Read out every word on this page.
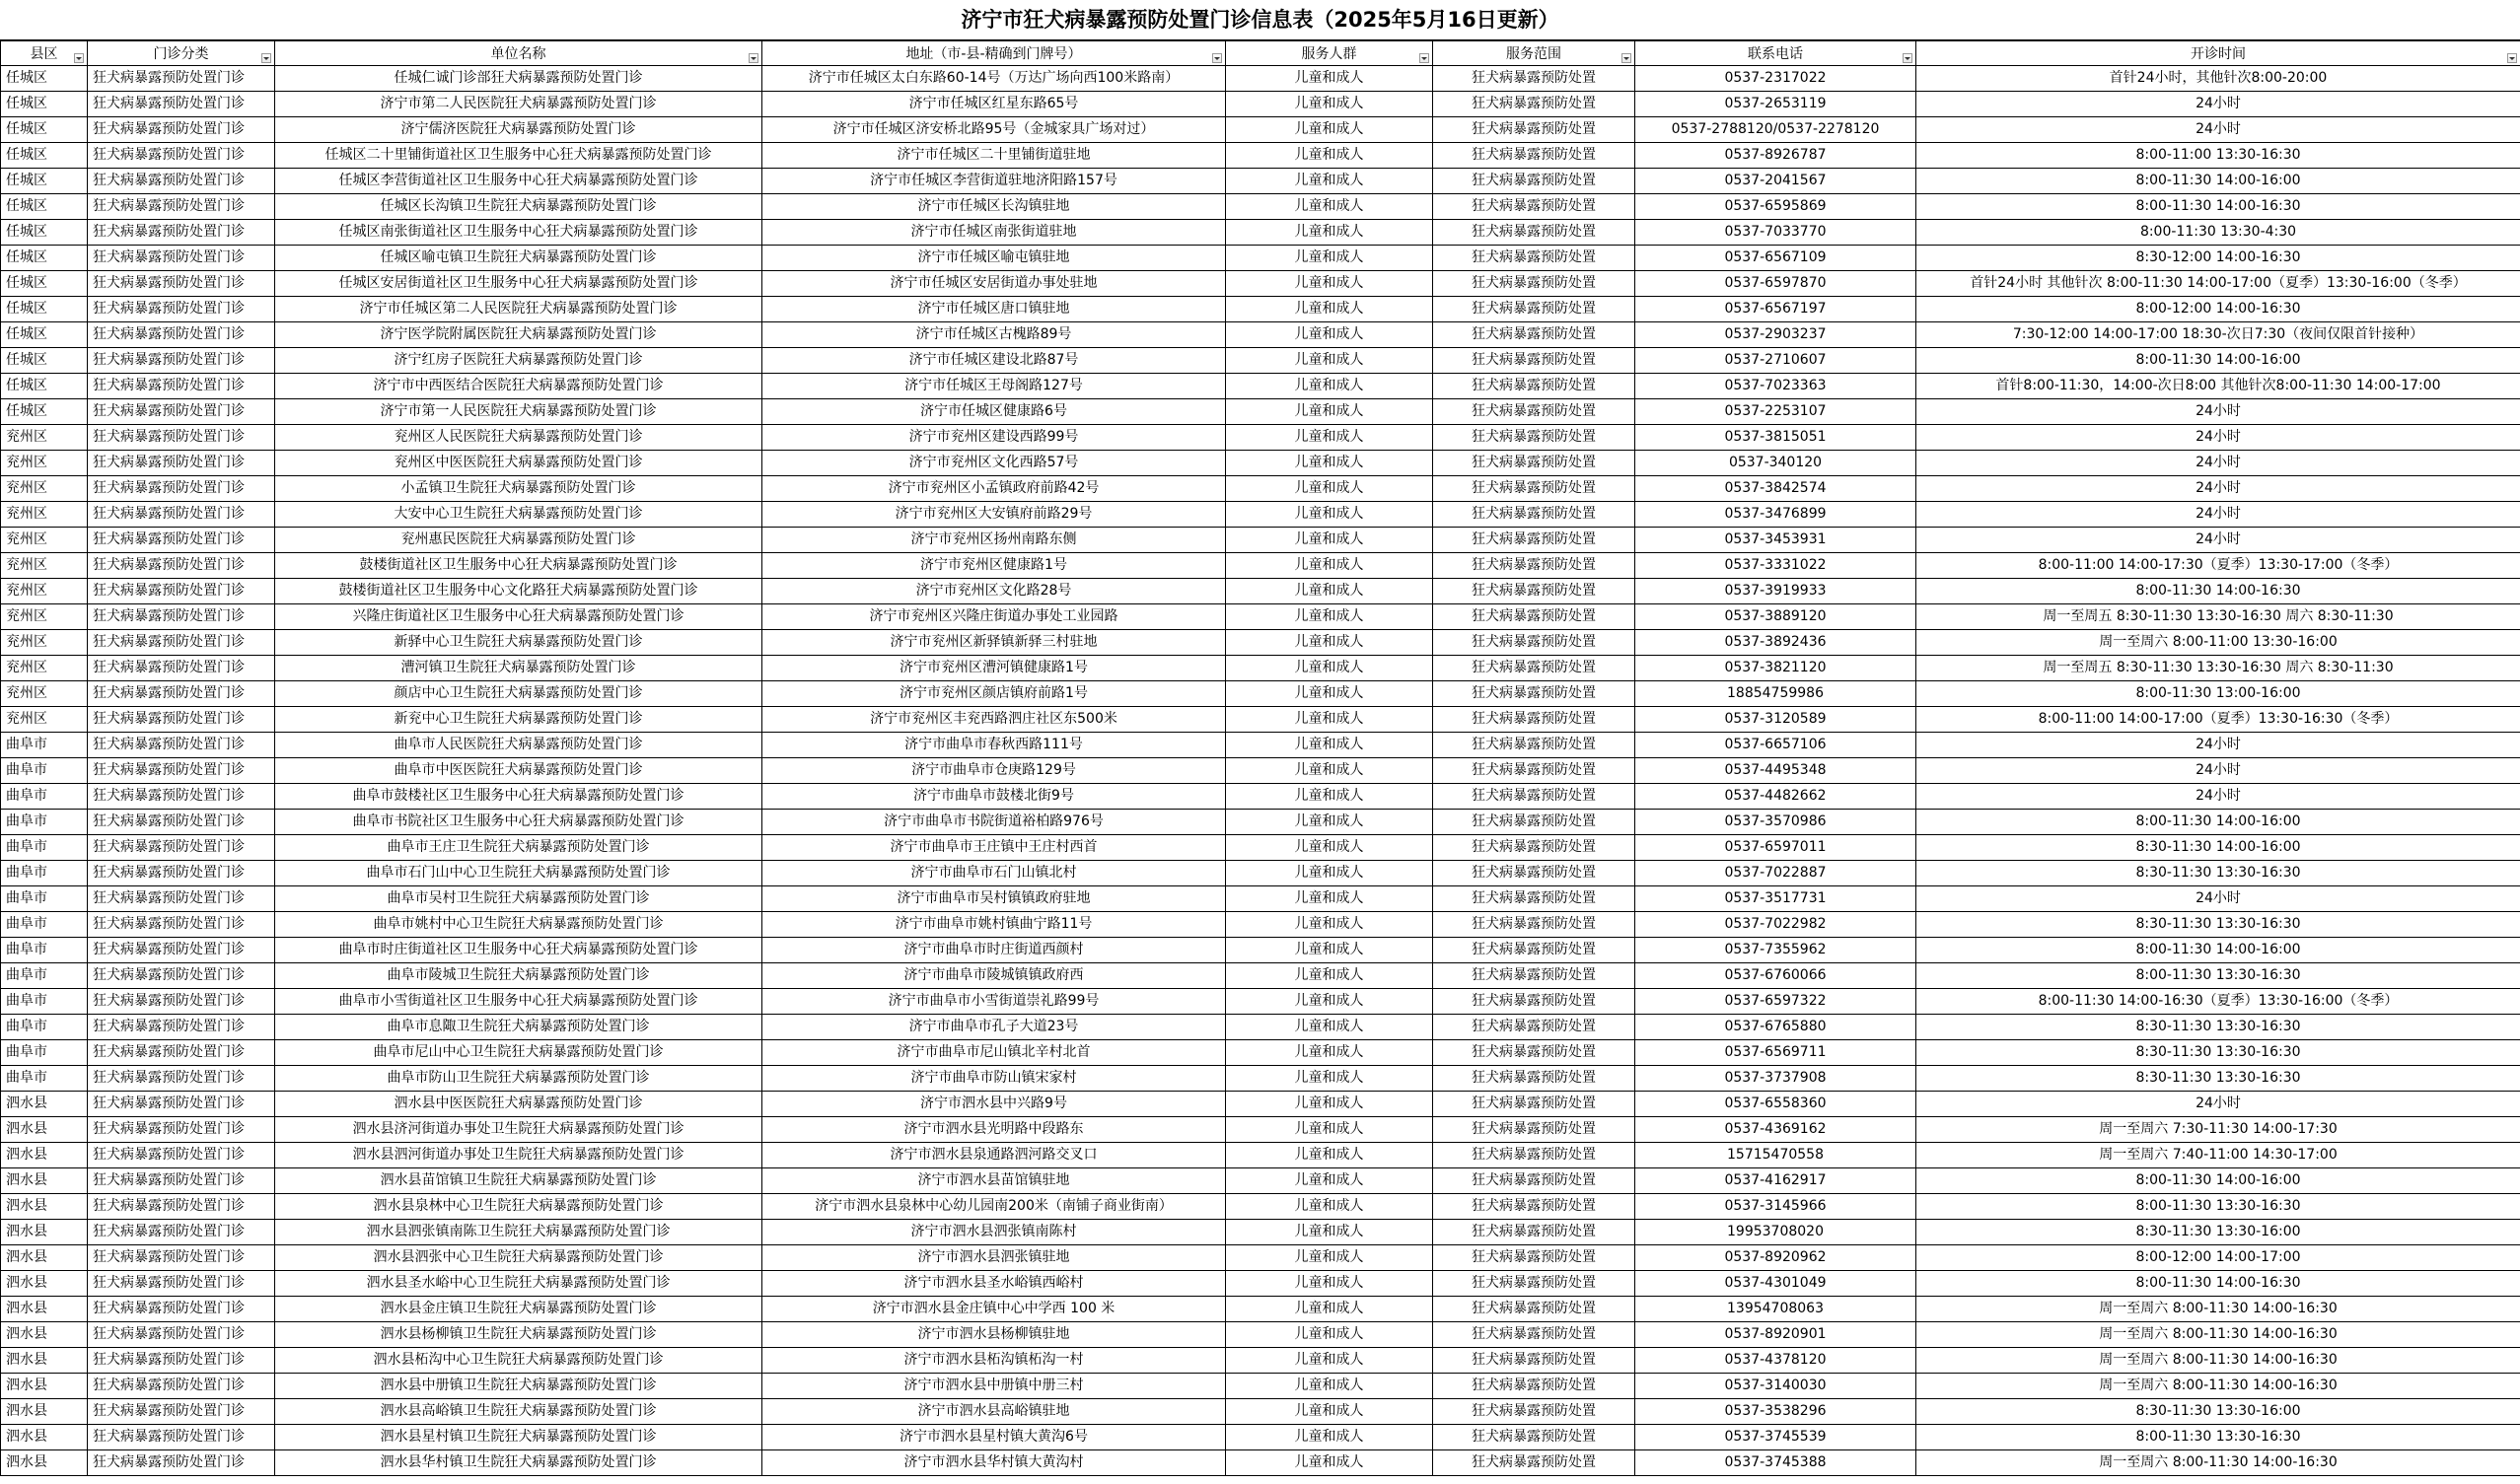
济宁市狂犬病暴露预防处置门诊信息表（2025年5月16日更新）
县区	门诊分类	单位名称	地址（市-县-精确到门牌号）	服务人群	服务范围	联系电话	开诊时间

任城区	狂犬病暴露预防处置门诊	任城仁诚门诊部狂犬病暴露预防处置门诊	济宁市任城区太白东路60-14号（万达广场向西100米路南）	儿童和成人	狂犬病暴露预防处置	0537-2317022	首针24小时，其他针次8:00-20:00
任城区	狂犬病暴露预防处置门诊	济宁市第二人民医院狂犬病暴露预防处置门诊	济宁市任城区红星东路65号	儿童和成人	狂犬病暴露预防处置	0537-2653119	24小时
任城区	狂犬病暴露预防处置门诊	济宁儒济医院狂犬病暴露预防处置门诊	济宁市任城区济安桥北路95号（金城家具广场对过）	儿童和成人	狂犬病暴露预防处置	0537-2788120/0537-2278120	24小时
任城区	狂犬病暴露预防处置门诊	任城区二十里铺街道社区卫生服务中心狂犬病暴露预防处置门诊	济宁市任城区二十里铺街道驻地	儿童和成人	狂犬病暴露预防处置	0537-8926787	8:00-11:00 13:30-16:30
任城区	狂犬病暴露预防处置门诊	任城区李营街道社区卫生服务中心狂犬病暴露预防处置门诊	济宁市任城区李营街道驻地济阳路157号	儿童和成人	狂犬病暴露预防处置	0537-2041567	8:00-11:30 14:00-16:00
任城区	狂犬病暴露预防处置门诊	任城区长沟镇卫生院狂犬病暴露预防处置门诊	济宁市任城区长沟镇驻地	儿童和成人	狂犬病暴露预防处置	0537-6595869	8:00-11:30 14:00-16:30
任城区	狂犬病暴露预防处置门诊	任城区南张街道社区卫生服务中心狂犬病暴露预防处置门诊	济宁市任城区南张街道驻地	儿童和成人	狂犬病暴露预防处置	0537-7033770	8:00-11:30 13:30-4:30
任城区	狂犬病暴露预防处置门诊	任城区喻屯镇卫生院狂犬病暴露预防处置门诊	济宁市任城区喻屯镇驻地	儿童和成人	狂犬病暴露预防处置	0537-6567109	8:30-12:00 14:00-16:30
任城区	狂犬病暴露预防处置门诊	任城区安居街道社区卫生服务中心狂犬病暴露预防处置门诊	济宁市任城区安居街道办事处驻地	儿童和成人	狂犬病暴露预防处置	0537-6597870	首针24小时 其他针次 8:00-11:30 14:00-17:00（夏季）13:30-16:00（冬季）
任城区	狂犬病暴露预防处置门诊	济宁市任城区第二人民医院狂犬病暴露预防处置门诊	济宁市任城区唐口镇驻地	儿童和成人	狂犬病暴露预防处置	0537-6567197	8:00-12:00 14:00-16:30
任城区	狂犬病暴露预防处置门诊	济宁医学院附属医院狂犬病暴露预防处置门诊	济宁市任城区古槐路89号	儿童和成人	狂犬病暴露预防处置	0537-2903237	7:30-12:00 14:00-17:00 18:30-次日7:30（夜间仅限首针接种）
任城区	狂犬病暴露预防处置门诊	济宁红房子医院狂犬病暴露预防处置门诊	济宁市任城区建设北路87号	儿童和成人	狂犬病暴露预防处置	0537-2710607	8:00-11:30 14:00-16:00
任城区	狂犬病暴露预防处置门诊	济宁市中西医结合医院狂犬病暴露预防处置门诊	济宁市任城区王母阁路127号	儿童和成人	狂犬病暴露预防处置	0537-7023363	首针8:00-11:30，14:00-次日8:00 其他针次8:00-11:30 14:00-17:00
任城区	狂犬病暴露预防处置门诊	济宁市第一人民医院狂犬病暴露预防处置门诊	济宁市任城区健康路6号	儿童和成人	狂犬病暴露预防处置	0537-2253107	24小时
兖州区	狂犬病暴露预防处置门诊	兖州区人民医院狂犬病暴露预防处置门诊	济宁市兖州区建设西路99号	儿童和成人	狂犬病暴露预防处置	0537-3815051	24小时
兖州区	狂犬病暴露预防处置门诊	兖州区中医医院狂犬病暴露预防处置门诊	济宁市兖州区文化西路57号	儿童和成人	狂犬病暴露预防处置	0537-340120	24小时
兖州区	狂犬病暴露预防处置门诊	小孟镇卫生院狂犬病暴露预防处置门诊	济宁市兖州区小孟镇政府前路42号	儿童和成人	狂犬病暴露预防处置	0537-3842574	24小时
兖州区	狂犬病暴露预防处置门诊	大安中心卫生院狂犬病暴露预防处置门诊	济宁市兖州区大安镇府前路29号	儿童和成人	狂犬病暴露预防处置	0537-3476899	24小时
兖州区	狂犬病暴露预防处置门诊	兖州惠民医院狂犬病暴露预防处置门诊	济宁市兖州区扬州南路东侧	儿童和成人	狂犬病暴露预防处置	0537-3453931	24小时
兖州区	狂犬病暴露预防处置门诊	鼓楼街道社区卫生服务中心狂犬病暴露预防处置门诊	济宁市兖州区健康路1号	儿童和成人	狂犬病暴露预防处置	0537-3331022	8:00-11:00 14:00-17:30（夏季）13:30-17:00（冬季）
兖州区	狂犬病暴露预防处置门诊	鼓楼街道社区卫生服务中心文化路狂犬病暴露预防处置门诊	济宁市兖州区文化路28号	儿童和成人	狂犬病暴露预防处置	0537-3919933	8:00-11:30 14:00-16:30
兖州区	狂犬病暴露预防处置门诊	兴隆庄街道社区卫生服务中心狂犬病暴露预防处置门诊	济宁市兖州区兴隆庄街道办事处工业园路	儿童和成人	狂犬病暴露预防处置	0537-3889120	周一至周五 8:30-11:30 13:30-16:30 周六 8:30-11:30
兖州区	狂犬病暴露预防处置门诊	新驿中心卫生院狂犬病暴露预防处置门诊	济宁市兖州区新驿镇新驿三村驻地	儿童和成人	狂犬病暴露预防处置	0537-3892436	周一至周六 8:00-11:00 13:30-16:00
兖州区	狂犬病暴露预防处置门诊	漕河镇卫生院狂犬病暴露预防处置门诊	济宁市兖州区漕河镇健康路1号	儿童和成人	狂犬病暴露预防处置	0537-3821120	周一至周五 8:30-11:30 13:30-16:30 周六 8:30-11:30
兖州区	狂犬病暴露预防处置门诊	颜店中心卫生院狂犬病暴露预防处置门诊	济宁市兖州区颜店镇府前路1号	儿童和成人	狂犬病暴露预防处置	18854759986	8:00-11:30 13:00-16:00
兖州区	狂犬病暴露预防处置门诊	新兖中心卫生院狂犬病暴露预防处置门诊	济宁市兖州区丰兖西路泗庄社区东500米	儿童和成人	狂犬病暴露预防处置	0537-3120589	8:00-11:00 14:00-17:00（夏季）13:30-16:30（冬季）
曲阜市	狂犬病暴露预防处置门诊	曲阜市人民医院狂犬病暴露预防处置门诊	济宁市曲阜市春秋西路111号	儿童和成人	狂犬病暴露预防处置	0537-6657106	24小时
曲阜市	狂犬病暴露预防处置门诊	曲阜市中医医院狂犬病暴露预防处置门诊	济宁市曲阜市仓庚路129号	儿童和成人	狂犬病暴露预防处置	0537-4495348	24小时
曲阜市	狂犬病暴露预防处置门诊	曲阜市鼓楼社区卫生服务中心狂犬病暴露预防处置门诊	济宁市曲阜市鼓楼北街9号	儿童和成人	狂犬病暴露预防处置	0537-4482662	24小时
曲阜市	狂犬病暴露预防处置门诊	曲阜市书院社区卫生服务中心狂犬病暴露预防处置门诊	济宁市曲阜市书院街道裕柏路976号	儿童和成人	狂犬病暴露预防处置	0537-3570986	8:00-11:30 14:00-16:00
曲阜市	狂犬病暴露预防处置门诊	曲阜市王庄卫生院狂犬病暴露预防处置门诊	济宁市曲阜市王庄镇中王庄村西首	儿童和成人	狂犬病暴露预防处置	0537-6597011	8:30-11:30 14:00-16:00
曲阜市	狂犬病暴露预防处置门诊	曲阜市石门山中心卫生院狂犬病暴露预防处置门诊	济宁市曲阜市石门山镇北村	儿童和成人	狂犬病暴露预防处置	0537-7022887	8:30-11:30 13:30-16:30
曲阜市	狂犬病暴露预防处置门诊	曲阜市吴村卫生院狂犬病暴露预防处置门诊	济宁市曲阜市吴村镇镇政府驻地	儿童和成人	狂犬病暴露预防处置	0537-3517731	24小时
曲阜市	狂犬病暴露预防处置门诊	曲阜市姚村中心卫生院狂犬病暴露预防处置门诊	济宁市曲阜市姚村镇曲宁路11号	儿童和成人	狂犬病暴露预防处置	0537-7022982	8:30-11:30 13:30-16:30
曲阜市	狂犬病暴露预防处置门诊	曲阜市时庄街道社区卫生服务中心狂犬病暴露预防处置门诊	济宁市曲阜市时庄街道西颜村	儿童和成人	狂犬病暴露预防处置	0537-7355962	8:00-11:30 14:00-16:00
曲阜市	狂犬病暴露预防处置门诊	曲阜市陵城卫生院狂犬病暴露预防处置门诊	济宁市曲阜市陵城镇镇政府西	儿童和成人	狂犬病暴露预防处置	0537-6760066	8:00-11:30 13:30-16:30
曲阜市	狂犬病暴露预防处置门诊	曲阜市小雪街道社区卫生服务中心狂犬病暴露预防处置门诊	济宁市曲阜市小雪街道崇礼路99号	儿童和成人	狂犬病暴露预防处置	0537-6597322	8:00-11:30 14:00-16:30（夏季）13:30-16:00（冬季）
曲阜市	狂犬病暴露预防处置门诊	曲阜市息陬卫生院狂犬病暴露预防处置门诊	济宁市曲阜市孔子大道23号	儿童和成人	狂犬病暴露预防处置	0537-6765880	8:30-11:30 13:30-16:30
曲阜市	狂犬病暴露预防处置门诊	曲阜市尼山中心卫生院狂犬病暴露预防处置门诊	济宁市曲阜市尼山镇北辛村北首	儿童和成人	狂犬病暴露预防处置	0537-6569711	8:30-11:30 13:30-16:30
曲阜市	狂犬病暴露预防处置门诊	曲阜市防山卫生院狂犬病暴露预防处置门诊	济宁市曲阜市防山镇宋家村	儿童和成人	狂犬病暴露预防处置	0537-3737908	8:30-11:30 13:30-16:30
泗水县	狂犬病暴露预防处置门诊	泗水县中医医院狂犬病暴露预防处置门诊	济宁市泗水县中兴路9号	儿童和成人	狂犬病暴露预防处置	0537-6558360	24小时
泗水县	狂犬病暴露预防处置门诊	泗水县济河街道办事处卫生院狂犬病暴露预防处置门诊	济宁市泗水县光明路中段路东	儿童和成人	狂犬病暴露预防处置	0537-4369162	周一至周六 7:30-11:30 14:00-17:30
泗水县	狂犬病暴露预防处置门诊	泗水县泗河街道办事处卫生院狂犬病暴露预防处置门诊	济宁市泗水县泉通路泗河路交叉口	儿童和成人	狂犬病暴露预防处置	15715470558	周一至周六 7:40-11:00 14:30-17:00
泗水县	狂犬病暴露预防处置门诊	泗水县苗馆镇卫生院狂犬病暴露预防处置门诊	济宁市泗水县苗馆镇驻地	儿童和成人	狂犬病暴露预防处置	0537-4162917	8:00-11:30 14:00-16:00
泗水县	狂犬病暴露预防处置门诊	泗水县泉林中心卫生院狂犬病暴露预防处置门诊	济宁市泗水县泉林中心幼儿园南200米（南铺子商业街南）	儿童和成人	狂犬病暴露预防处置	0537-3145966	8:00-11:30 13:30-16:30
泗水县	狂犬病暴露预防处置门诊	泗水县泗张镇南陈卫生院狂犬病暴露预防处置门诊	济宁市泗水县泗张镇南陈村	儿童和成人	狂犬病暴露预防处置	19953708020	8:30-11:30 13:30-16:00
泗水县	狂犬病暴露预防处置门诊	泗水县泗张中心卫生院狂犬病暴露预防处置门诊	济宁市泗水县泗张镇驻地	儿童和成人	狂犬病暴露预防处置	0537-8920962	8:00-12:00 14:00-17:00
泗水县	狂犬病暴露预防处置门诊	泗水县圣水峪中心卫生院狂犬病暴露预防处置门诊	济宁市泗水县圣水峪镇西峪村	儿童和成人	狂犬病暴露预防处置	0537-4301049	8:00-11:30 14:00-16:30
泗水县	狂犬病暴露预防处置门诊	泗水县金庄镇卫生院狂犬病暴露预防处置门诊	济宁市泗水县金庄镇中心中学西 100 米	儿童和成人	狂犬病暴露预防处置	13954708063	周一至周六 8:00-11:30 14:00-16:30
泗水县	狂犬病暴露预防处置门诊	泗水县杨柳镇卫生院狂犬病暴露预防处置门诊	济宁市泗水县杨柳镇驻地	儿童和成人	狂犬病暴露预防处置	0537-8920901	周一至周六 8:00-11:30 14:00-16:30
泗水县	狂犬病暴露预防处置门诊	泗水县柘沟中心卫生院狂犬病暴露预防处置门诊	济宁市泗水县柘沟镇柘沟一村	儿童和成人	狂犬病暴露预防处置	0537-4378120	周一至周六 8:00-11:30 14:00-16:30
泗水县	狂犬病暴露预防处置门诊	泗水县中册镇卫生院狂犬病暴露预防处置门诊	济宁市泗水县中册镇中册三村	儿童和成人	狂犬病暴露预防处置	0537-3140030	周一至周六 8:00-11:30 14:00-16:30
泗水县	狂犬病暴露预防处置门诊	泗水县高峪镇卫生院狂犬病暴露预防处置门诊	济宁市泗水县高峪镇驻地	儿童和成人	狂犬病暴露预防处置	0537-3538296	8:30-11:30 13:30-16:00
泗水县	狂犬病暴露预防处置门诊	泗水县星村镇卫生院狂犬病暴露预防处置门诊	济宁市泗水县星村镇大黄沟6号	儿童和成人	狂犬病暴露预防处置	0537-3745539	8:00-11:30 13:30-16:30
泗水县	狂犬病暴露预防处置门诊	泗水县华村镇卫生院狂犬病暴露预防处置门诊	济宁市泗水县华村镇大黄沟村	儿童和成人	狂犬病暴露预防处置	0537-3745388	周一至周六 8:00-11:30 14:00-16:30
